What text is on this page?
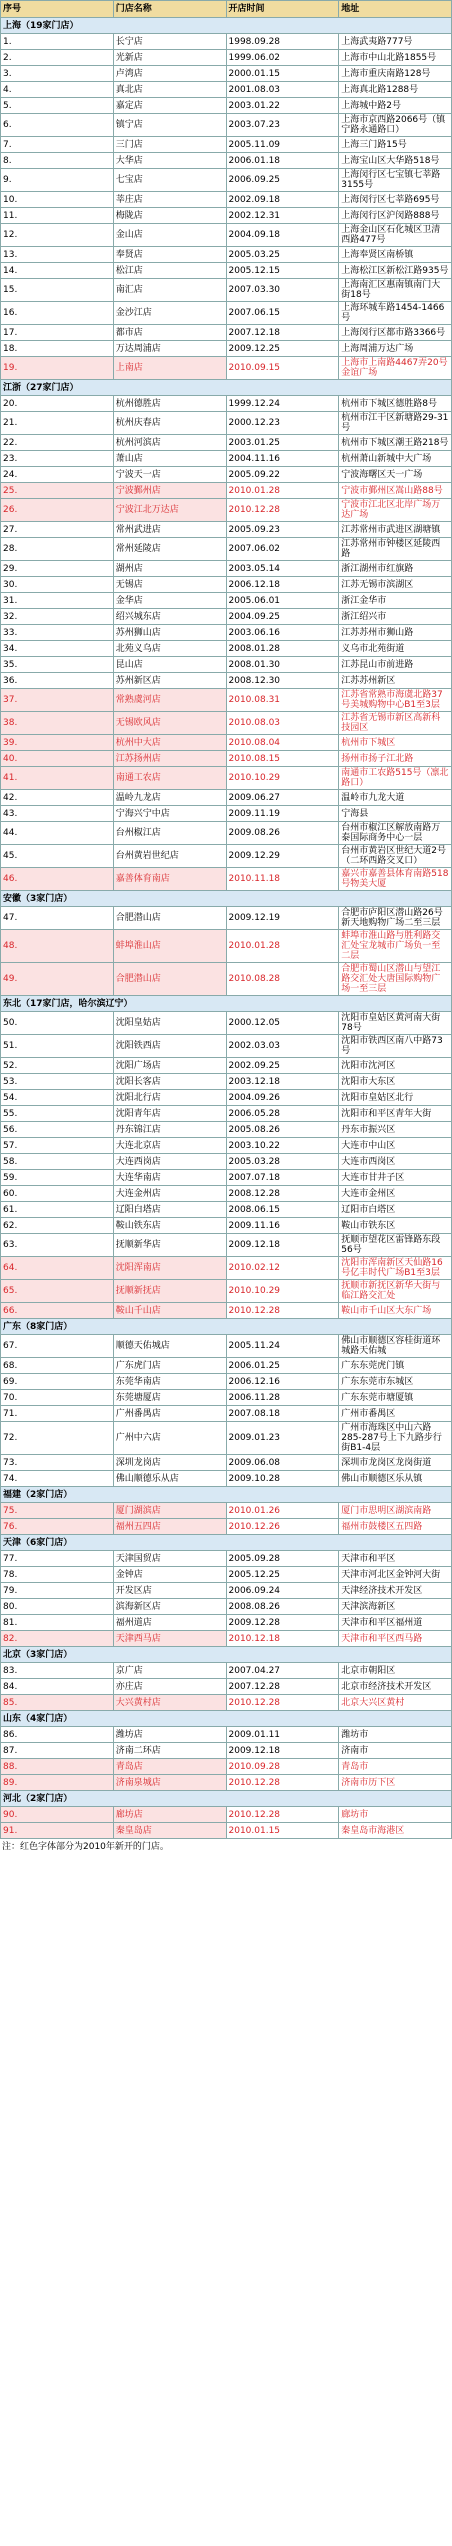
序号	门店名称	开店时间	地址
上海（19家门店）			
1.	长宁店	1998.09.28	上海武夷路777号
2.	光新店	1999.06.02	上海市中山北路1855号
3.	卢湾店	2000.01.15	上海市重庆南路128号
4.	真北店	2001.08.03	上海真北路1288号
5.	嘉定店	2003.01.22	上海城中路2号
6.	镇宁店	2003.07.23	上海市京西路2066号（镇宁路永通路口）
7.	三门店	2005.11.09	上海三门路15号
8.	大华店	2006.01.18	上海宝山区大华路518号
9.	七宝店	2006.09.25	上海闵行区七宝镇七莘路3155号
10.	莘庄店	2002.09.18	上海闵行区七莘路695号
11.	梅陇店	2002.12.31	上海闵行区沪闵路888号
12.	金山店	2004.09.18	上海金山区石化城区卫清西路477号
13.	奉贤店	2005.03.25	上海奉贤区南桥镇
14.	松江店	2005.12.15	上海松江区新松江路935号
15.	南汇店	2007.03.30	上海南汇区惠南镇南门大街18号
16.	金沙江店	2007.06.15	上海环城车路1454-1466号
17.	都市店	2007.12.18	上海闵行区都市路3366号
18.	万达周浦店	2009.12.25	上海周浦万达广场
19.	上南店	2010.09.15	上海市上南路4467弄20号金谊广场
江浙（27家门店）			
20.	杭州德胜店	1999.12.24	杭州市下城区德胜路8号
21.	杭州庆春店	2000.12.23	杭州市江干区新塘路29-31号
22.	杭州河滨店	2003.01.25	杭州市下城区潮王路218号
23.	萧山店	2004.11.16	杭州萧山新城中大广场
24.	宁波天一店	2005.09.22	宁波海曙区天一广场
25.	宁波鄞州店	2010.01.28	宁波市鄞州区嵩山路88号
26.	宁波江北万达店	2010.12.28	宁波市江北区北岸广场万达广场
27.	常州武进店	2005.09.23	江苏常州市武进区湖塘镇
28.	常州延陵店	2007.06.02	江苏常州市钟楼区延陵西路
29.	湖州店	2003.05.14	浙江湖州市红旗路
30.	无锡店	2006.12.18	江苏无锡市滨湖区
31.	金华店	2005.06.01	浙江金华市
32.	绍兴城东店	2004.09.25	浙江绍兴市
33.	苏州狮山店	2003.06.16	江苏苏州市狮山路
34.	北苑义乌店	2008.01.28	义乌市北苑街道
35.	昆山店	2008.01.30	江苏昆山市前进路
36.	苏州新区店	2008.12.30	江苏苏州新区
37.	常熟虞河店	2010.08.31	江苏省常熟市海虞北路37号美城购物中心B1至3层
38.	无锡欧风店	2010.08.03	江苏省无锡市新区高新科技园区
39.	杭州中大店	2010.08.04	杭州市下城区
40.	江苏扬州店	2010.08.15	扬州市扬子江北路
41.	南通工农店	2010.10.29	南通市工农路515号（凛北路口）
42.	温岭九龙店	2009.06.27	温岭市九龙大道
43.	宁海兴宁中店	2009.11.19	宁海县
44.	台州椒江店	2009.08.26	台州市椒江区解放南路万泰国际商务中心一层
45.	台州黄岩世纪店	2009.12.29	台州市黄岩区世纪大道2号（二环西路交叉口）
46.	嘉善体育南店	2010.11.18	嘉兴市嘉善县体育南路518号物美大厦
安徽（3家门店）			
47.	合肥潜山店	2009.12.19	合肥市庐阳区潜山路26号新天地购物广场二至三层
48.	蚌埠淮山店	2010.01.28	蚌埠市淮山路与胜利路交汇处宝龙城市广场负一至二层
49.	合肥潜山店	2010.08.28	合肥市蜀山区潜山与望江路交汇处大唐国际购物广场一至三层
东北（17家门店，哈尔滨辽宁）			
50.	沈阳皇姑店	2000.12.05	沈阳市皇姑区黄河南大街78号
51.	沈阳铁西店	2002.03.03	沈阳市铁西区南八中路73号
52.	沈阳广场店	2002.09.25	沈阳市沈河区
53.	沈阳长客店	2003.12.18	沈阳市大东区
54.	沈阳北行店	2004.09.26	沈阳市皇姑区北行
55.	沈阳青年店	2006.05.28	沈阳市和平区青年大街
56.	丹东锦江店	2005.08.26	丹东市振兴区
57.	大连北京店	2003.10.22	大连市中山区
58.	大连西岗店	2005.03.28	大连市西岗区
59.	大连华南店	2007.07.18	大连市甘井子区
60.	大连金州店	2008.12.28	大连市金州区
61.	辽阳白塔店	2008.06.15	辽阳市白塔区
62.	鞍山铁东店	2009.11.16	鞍山市铁东区
63.	抚顺新华店	2009.12.18	抚顺市望花区雷锋路东段56号
64.	沈阳浑南店	2010.02.12	沈阳市浑南新区天仙路16号亿丰时代广场B1至3层
65.	抚顺新抚店	2010.10.29	抚顺市新抚区新华大街与临江路交汇处
66.	鞍山千山店	2010.12.28	鞍山市千山区大东广场
广东（8家门店）			
67.	顺德天佑城店	2005.11.24	佛山市顺德区容桂街道环城路天佑城
68.	广东虎门店	2006.01.25	广东东莞虎门镇
69.	东莞华南店	2006.12.16	广东东莞市东城区
70.	东莞塘厦店	2006.11.28	广东东莞市塘厦镇
71.	广州番禺店	2007.08.18	广州市番禺区
72.	广州中六店	2009.01.23	广州市海珠区中山六路285-287号上下九路步行街B1-4层
73.	深圳龙岗店	2009.06.08	深圳市龙岗区龙岗街道
74.	佛山顺德乐从店	2009.10.28	佛山市顺德区乐从镇
福建（2家门店）			
75.	厦门湖滨店	2010.01.26	厦门市思明区湖滨南路
76.	福州五四店	2010.12.26	福州市鼓楼区五四路
天津（6家门店）			
77.	天津国贸店	2005.09.28	天津市和平区
78.	金钟店	2005.12.25	天津市河北区金钟河大街
79.	开发区店	2006.09.24	天津经济技术开发区
80.	滨海新区店	2008.08.26	天津滨海新区
81.	福州道店	2009.12.28	天津市和平区福州道
82.	天津西马店	2010.12.18	天津市和平区西马路
北京（3家门店）			
83.	京广店	2007.04.27	北京市朝阳区
84.	亦庄店	2007.12.28	北京市经济技术开发区
85.	大兴黄村店	2010.12.28	北京大兴区黄村
山东（4家门店）			
86.	潍坊店	2009.01.11	潍坊市
87.	济南二环店	2009.12.18	济南市
88.	青岛店	2010.09.28	青岛市
89.	济南泉城店	2010.12.28	济南市历下区
河北（2家门店）			
90.	廊坊店	2010.12.28	廊坊市
91.	秦皇岛店	2010.01.15	秦皇岛市海港区
注：红色字体部分为2010年新开的门店。
